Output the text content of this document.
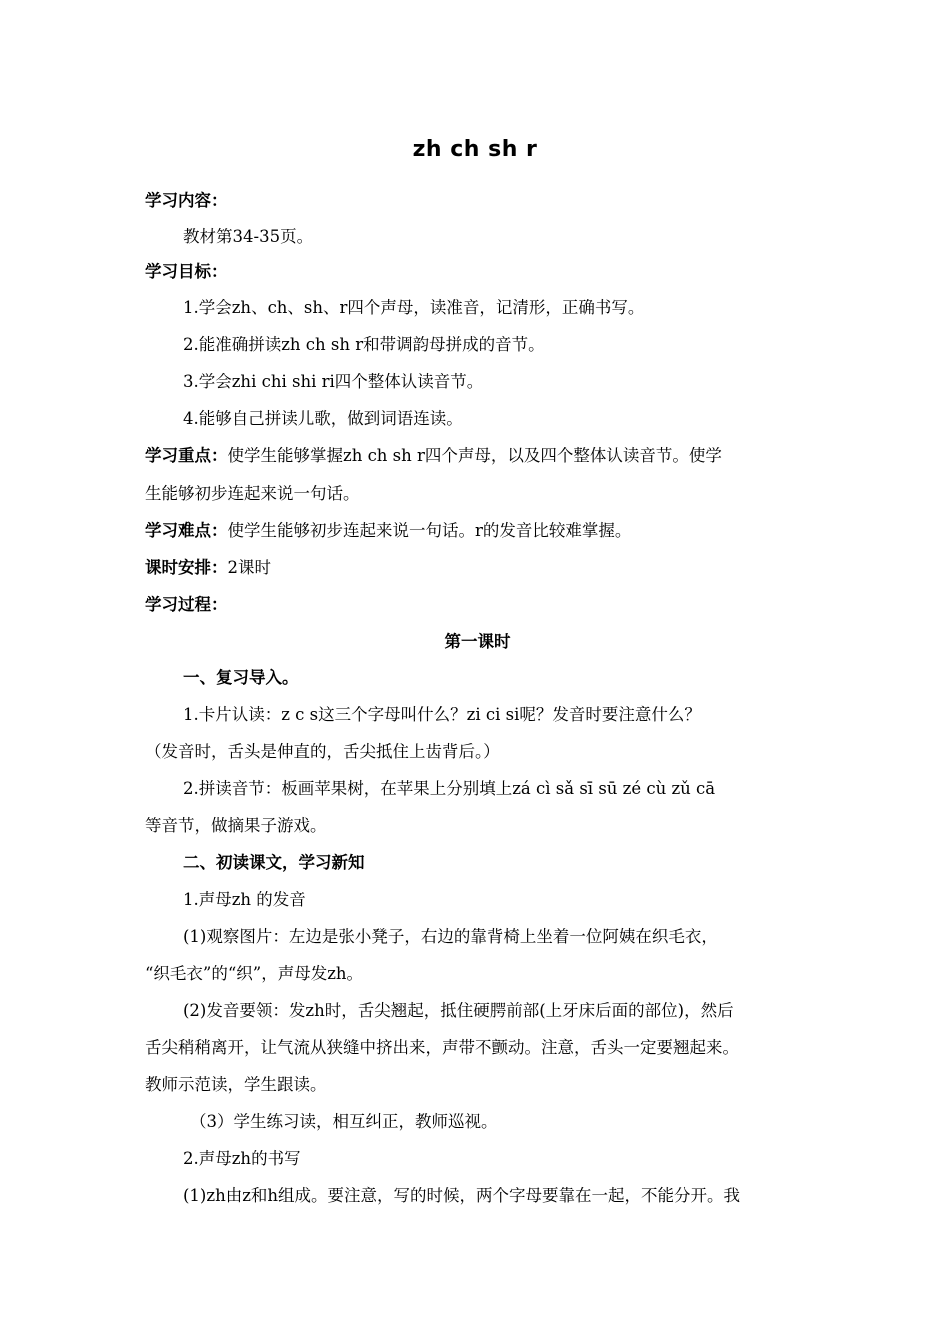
zh ch sh r
学习内容：
教材第34-35页。
学习目标：
1.学会zh、ch、sh、r四个声母，读准音，记清形，正确书写。
2.能准确拼读zh ch sh r和带调韵母拼成的音节。
3.学会zhi chi shi ri四个整体认读音节。
4.能够自己拼读儿歌，做到词语连读。
学习重点：使学生能够掌握zh ch sh r四个声母，以及四个整体认读音节。使学
生能够初步连起来说一句话。
学习难点：使学生能够初步连起来说一句话。r的发音比较难掌握。
课时安排：2课时
学习过程：
第一课时
一、复习导入。
1.卡片认读：z c s这三个字母叫什么？zi ci si呢？发音时要注意什么？
（发音时，舌头是伸直的，舌尖抵住上齿背后。）
2.拼读音节：板画苹果树，在苹果上分别填上zá cì sǎ sī sū zé cù zǔ cā
等音节，做摘果子游戏。
二、初读课文，学习新知
1.声母zh 的发音
(1)观察图片：左边是张小凳子，右边的靠背椅上坐着一位阿姨在织毛衣，
“织毛衣”的“织”，声母发zh。
(2)发音要领：发zh时，舌尖翘起，抵住硬腭前部(上牙床后面的部位)，然后
舌尖稍稍离开，让气流从狭缝中挤出来，声带不颤动。注意，舌头一定要翘起来。
教师示范读，学生跟读。
（3）学生练习读，相互纠正，教师巡视。
2.声母zh的书写
(1)zh由z和h组成。要注意，写的时候，两个字母要靠在一起，不能分开。我
